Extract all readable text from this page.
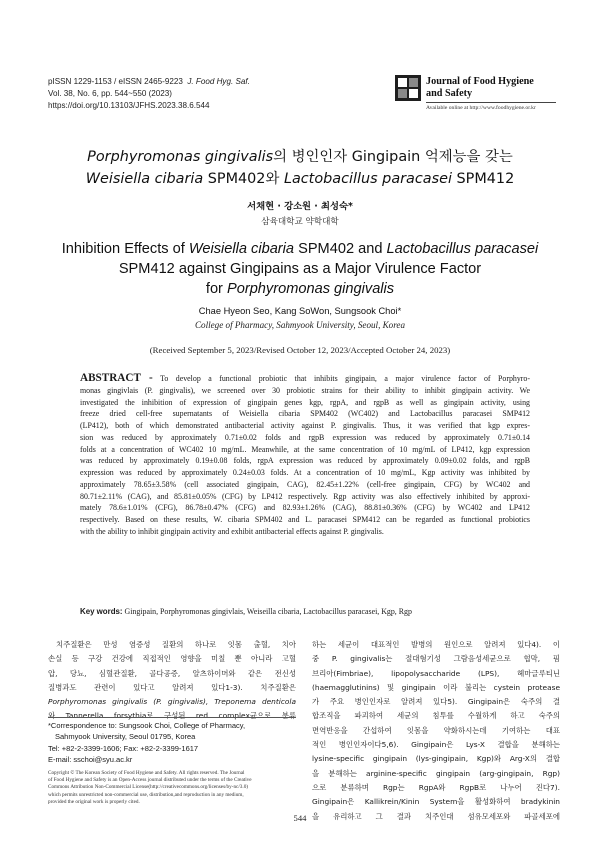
pISSN 1229-1153 / eISSN 2465-9223 J. Food Hyg. Saf.
Vol. 38, No. 6, pp. 544~550 (2023)
https://doi.org/10.13103/JFHS.2023.38.6.544
Journal of Food Hygiene
and Safety
Available online at http://www.foodhygiene.or.kr
Porphyromonas gingivalis의 병인인자 Gingipain 억제능을 갖는
Weisiella cibaria SPM402와 Lactobacillus paracasei SPM412
서채현 · 강소원 · 최성숙*
삼육대학교 약학대학
Inhibition Effects of Weisiella cibaria SPM402 and Lactobacillus paracasei
SPM412 against Gingipains as a Major Virulence Factor
for Porphyromonas gingivalis
Chae Hyeon Seo, Kang SoWon, Sungsook Choi*
College of Pharmacy, Sahmyook University, Seoul, Korea
(Received September 5, 2023/Revised October 12, 2023/Accepted October 24, 2023)
ABSTRACT - To develop a functional probiotic that inhibits gingipain, a major virulence factor of Porphyro-
monas gingivlais (P. gingivalis), we screened over 30 probiotic strains for their ability to inhibit gingipain activity. We
investigated the inhibition of expression of gingipain genes kgp, rgpA, and rgpB as well as gingipain activity, using
freeze dried cell-free supernatants of Weisiella cibaria SPM402 (WC402) and Lactobacillus paracasei SMP412
(LP412), both of which demonstrated antibacterial activity against P. gingivalis. Thus, it was verified that kgp expres-
sion was reduced by approximately 0.71±0.02 folds and rgpB expression was reduced by approximately 0.71±0.14
folds at a concentration of WC402 10 mg/mL. Meanwhile, at the same concentration of 10 mg/mL of LP412, kgp expression
was reduced by approximately 0.19±0.08 folds, rgpA expression was reduced by approximately 0.09±0.02 folds, and rgpB
expression was reduced by approximately 0.24±0.03 folds. At a concentration of 10 mg/mL, Kgp activity was inhibited by
approximately 78.65±3.58% (cell associated gingipain, CAG), 82.45±1.22% (cell-free gingipain, CFG) by WC402 and
80.71±2.11% (CAG), and 85.81±0.05% (CFG) by LP412 respectively. Rgp activity was also effectively inhibited by approxi-
mately 78.6±1.01% (CFG), 86.78±0.47% (CFG) and 82.93±1.26% (CAG), 88.81±0.36% (CFG) by WC402 and LP412
respectively. Based on these results, W. cibaria SPM402 and L. paracasei SPM412 can be regarded as functional probiotics
with the ability to inhibit gingipain activity and exhibit antibacterial effects against P. gingivalis.
Key words: Gingipain, Porphyromonas gingivlais, Weiseilla cibaria, Lactobacillus paracasei, Kgp, Rgp
치주질환은 만성 염증성 질환의 하나로 잇몸 출혈, 치아
손실 등 구강 건강에 직접적인 영향을 미칠 뿐 아니라 고혈
압, 당뇨, 심혈관질환, 골다공증, 알츠하이머와 같은 전신성
질병과도 관련이 있다고 알려져 있다1-3). 치주질환은
Porphyromonas gingivalis (P. gingivalis), Treponema denticola
와 Tannerella forsythia로 구성된 red complex균으로 분류
*Correspondence to: Sungsook Choi, College of Pharmacy,
Sahmyook University, Seoul 01795, Korea
Tel: +82-2-3399-1606; Fax: +82-2-3399-1617
E-mail: sschoi@syu.ac.kr
Copyright © The Korean Society of Food Hygiene and Safety. All rights reserved. The Journal
of Food Hygiene and Safety is an Open-Access journal distributed under the terms of the Creative
Commons Attribution Non-Commercial License(http://creativecommons.org/licenses/by-nc/3.0)
which permits unrestricted non-commercial use, distribution,and reproduction in any medium,
provided the original work is properly cited.
하는 세균이 대표적인 발병의 원인으로 알려져 있다4). 이
중 P. gingivalis는 절대혐기성 그람음성세균으로 협막, 핌
브리아(Fimbriae), lipopolysaccharide (LPS), 헤마글루티닌
(haemagglutinins) 및 gingipain 이라 불리는 cystein protease
가 주요 병인인자로 알려져 있다5). Gingipain은 숙주의 결
합조직을 파괴하여 세균의 침투를 수월하게 하고 숙주의
면역반응을 간섭하여 잇몸을 약화하시는데 기여하는 대표
적인 병인인자이다5,6). Gingipain은 Lys-X 결합을 분해하는
lysine-specific gingipain (lys-gingipain, Kgp)와 Arg-X의 결합
을 분해하는 arginine-specific gingipain (arg-gingipain, Rgp)
으로 분류하며 Rgp는 RgpA와 RgpB로 나누어 진다7).
Gingipain은 Kallikrein/Kinin System을 활성화하여 bradykinin
을 유리하고 그 결과 치주인대 섬유모세포와 파골세포에
544
